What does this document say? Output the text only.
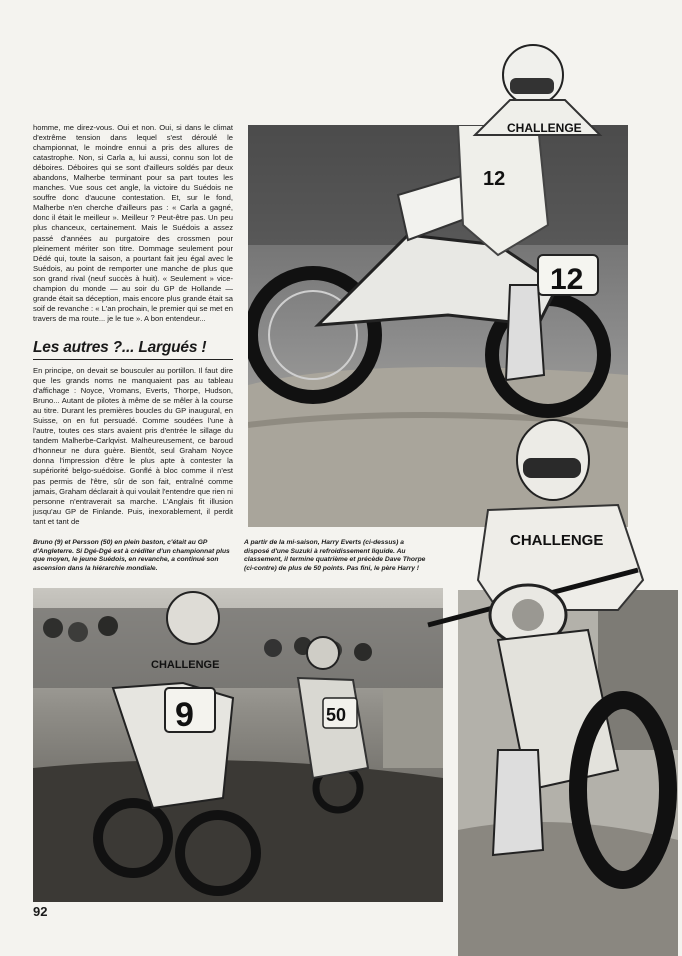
homme, me direz-vous. Oui et non. Oui, si dans le climat d'extrême tension dans lequel s'est déroulé le championnat, le moindre ennui a pris des allures de catastrophe. Non, si Carla a, lui aussi, connu son lot de déboires. Déboires qui se sont d'ailleurs soldés par deux abandons, Malherbe terminant pour sa part toutes les manches. Vue sous cet angle, la victoire du Suédois ne souffre donc d'aucune contestation. Et, sur le fond, Malherbe n'en cherche d'ailleurs pas : « Carla a gagné, donc il était le meilleur ». Meilleur ? Peut-être pas. Un peu plus chanceux, certainement. Mais le Suédois a assez passé d'années au purgatoire des crossmen pour pleinement mériter son titre. Dommage seulement pour Dédé qui, toute la saison, a pourtant fait jeu égal avec le Suédois, au point de remporter une manche de plus que son grand rival (neuf succès à huit). « Seulement » vice-champion du monde — au soir du GP de Hollande — grande était sa déception, mais encore plus grande était sa soif de revanche : « L'an prochain, le premier qui se met en travers de ma route... je le tue ». A bon entendeur...
Les autres ?... Largués !
En principe, on devait se bousculer au portillon. Il faut dire que les grands noms ne manquaient pas au tableau d'affichage : Noyce, Vromans, Everts, Thorpe, Hudson, Bruno... Autant de pilotes à même de se mêler à la course au titre. Durant les premières boucles du GP inaugural, en Suisse, on en fut persuadé. Comme soudées l'une à l'autre, toutes ces stars avaient pris d'entrée le sillage du tandem Malherbe-Carlqvist. Malheureusement, ce baroud d'honneur ne dura guère. Bientôt, seul Graham Noyce donna l'impression d'être le plus apte à contester la supériorité belgo-suédoise. Gonflé à bloc comme il n'est pas permis de l'être, sûr de son fait, entraîné comme jamais, Graham déclarait à qui voulait l'entendre que rien ni personne n'entraverait sa marche. L'Anglais fit illusion jusqu'au GP de Finlande. Puis, inexorablement, il perdit tant et tant de
12
12
CHALLENGE
9
CHALLENGE
50
CHALLENGE
Bruno (9) et Persson (50) en plein baston, c'était au GP d'Angleterre. Si Dgé-Dgé est à créditer d'un championnat plus que moyen, le jeune Suédois, en revanche, a continué son ascension dans la hiérarchie mondiale.
A partir de la mi-saison, Harry Everts (ci-dessus) a disposé d'une Suzuki à refroidissement liquide. Au classement, il termine quatrième et précède Dave Thorpe (ci-contre) de plus de 50 points. Pas fini, le père Harry !
92
